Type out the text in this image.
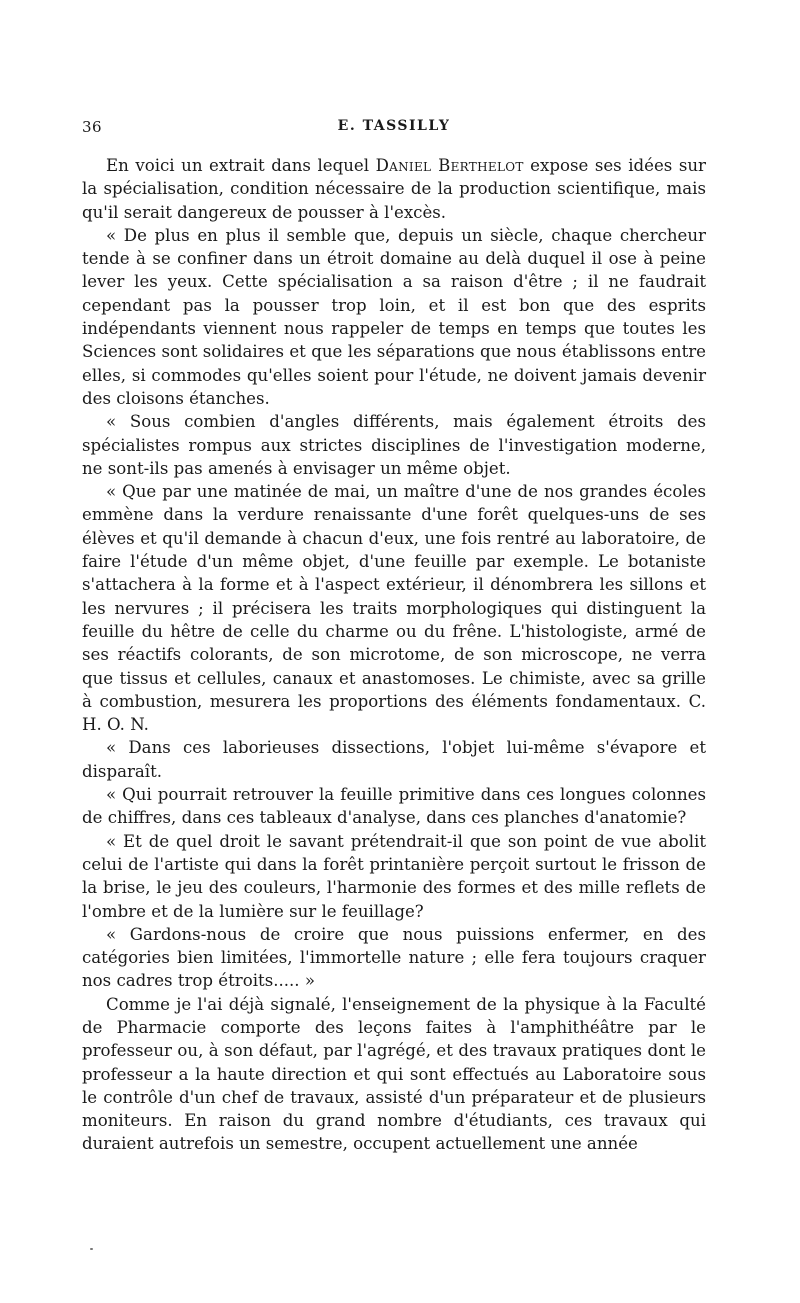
36	E. TASSILLY

En voici un extrait dans lequel Daniel Berthelot expose ses idées sur la spécialisation, condition nécessaire de la production scientifique, mais qu'il serait dangereux de pousser à l'excès.

« De plus en plus il semble que, depuis un siècle, chaque chercheur tende à se confiner dans un étroit domaine au delà duquel il ose à peine lever les yeux. Cette spécialisation a sa raison d'être ; il ne faudrait cependant pas la pousser trop loin, et il est bon que des esprits indépendants viennent nous rappeler de temps en temps que toutes les Sciences sont solidaires et que les séparations que nous établissons entre elles, si commodes qu'elles soient pour l'étude, ne doivent jamais devenir des cloisons étanches.

« Sous combien d'angles différents, mais également étroits des spécialistes rompus aux strictes disciplines de l'investigation moderne, ne sont-ils pas amenés à envisager un même objet.

« Que par une matinée de mai, un maître d'une de nos grandes écoles emmène dans la verdure renaissante d'une forêt quelques-uns de ses élèves et qu'il demande à chacun d'eux, une fois rentré au laboratoire, de faire l'étude d'un même objet, d'une feuille par exemple. Le botaniste s'attachera à la forme et à l'aspect extérieur, il dénombrera les sillons et les nervures ; il précisera les traits morphologiques qui distinguent la feuille du hêtre de celle du charme ou du frêne. L'histologiste, armé de ses réactifs colorants, de son microtome, de son microscope, ne verra que tissus et cellules, canaux et anastomoses. Le chimiste, avec sa grille à combustion, mesurera les proportions des éléments fondamentaux. C. H. O. N.

« Dans ces laborieuses dissections, l'objet lui-même s'évapore et disparaît.

« Qui pourrait retrouver la feuille primitive dans ces longues colonnes de chiffres, dans ces tableaux d'analyse, dans ces planches d'anatomie?

« Et de quel droit le savant prétendrait-il que son point de vue abolit celui de l'artiste qui dans la forêt printanière perçoit surtout le frisson de la brise, le jeu des couleurs, l'harmonie des formes et des mille reflets de l'ombre et de la lumière sur le feuillage?

« Gardons-nous de croire que nous puissions enfermer, en des catégories bien limitées, l'immortelle nature ; elle fera toujours craquer nos cadres trop étroits..... »

Comme je l'ai déjà signalé, l'enseignement de la physique à la Faculté de Pharmacie comporte des leçons faites à l'amphithéâtre par le professeur ou, à son défaut, par l'agrégé, et des travaux pratiques dont le professeur a la haute direction et qui sont effectués au Laboratoire sous le contrôle d'un chef de travaux, assisté d'un préparateur et de plusieurs moniteurs. En raison du grand nombre d'étudiants, ces travaux qui duraient autrefois un semestre, occupent actuellement une année
